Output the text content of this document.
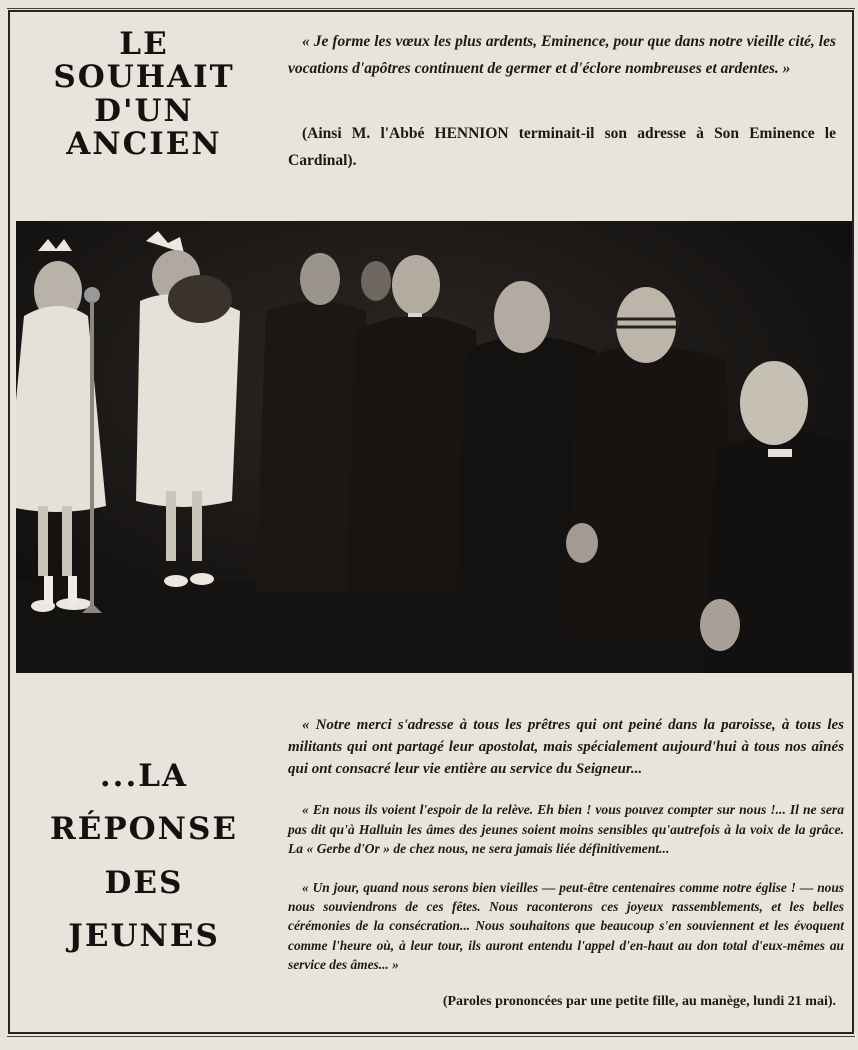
LE
SOUHAIT
D'UN
ANCIEN
« Je forme les vœux les plus ardents, Eminence, pour que dans notre vieille cité, les vocations d'apôtres continuent de germer et d'éclore nombreuses et ardentes. »
(Ainsi M. l'Abbé HENNION terminait-il son adresse à Son Eminence le Cardinal).
...LA
RÉPONSE
DES
JEUNES
« Notre merci s'adresse à tous les prêtres qui ont peiné dans la paroisse, à tous les militants qui ont partagé leur apostolat, mais spécialement aujourd'hui à tous nos aînés qui ont consacré leur vie entière au service du Seigneur...
« En nous ils voient l'espoir de la relève. Eh bien ! vous pouvez compter sur nous !... Il ne sera pas dit qu'à Halluin les âmes des jeunes soient moins sensibles qu'autrefois à la voix de la grâce. La « Gerbe d'Or » de chez nous, ne sera jamais liée définitivement...
« Un jour, quand nous serons bien vieilles — peut-être centenaires comme notre église ! — nous nous souviendrons de ces fêtes. Nous raconterons ces joyeux rassemblements, et les belles cérémonies de la consécration... Nous souhaitons que beaucoup s'en souviennent et les évoquent comme l'heure où, à leur tour, ils auront entendu l'appel d'en-haut au don total d'eux-mêmes au service des âmes... »
(Paroles prononcées par une petite fille, au manège, lundi 21 mai).
